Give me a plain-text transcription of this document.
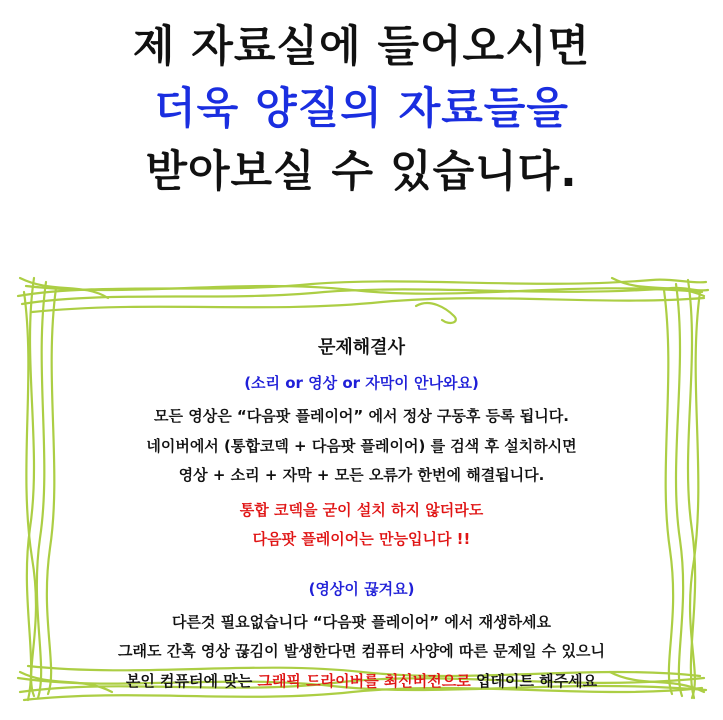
제 자료실에 들어오시면
더욱 양질의 자료들을
받아보실 수 있습니다.
문제해결사
(소리 or 영상 or 자막이 안나와요)
모든 영상은 “다음팟 플레이어” 에서 정상 구동후 등록 됩니다.
네이버에서 (통합코덱 + 다음팟 플레이어) 를 검색 후 설치하시면
영상 + 소리 + 자막 + 모든 오류가 한번에 해결됩니다.
통합 코덱을 굳이 설치 하지 않더라도
다음팟 플레이어는 만능입니다 !!
(영상이 끊겨요)
다른것 필요없습니다 “다음팟 플레이어” 에서 재생하세요
그래도 간혹 영상 끊김이 발생한다면 컴퓨터 사양에 따른 문제일 수 있으니
본인 컴퓨터에 맞는 그래픽 드라이버를 최신버전으로 업데이트 해주세요
